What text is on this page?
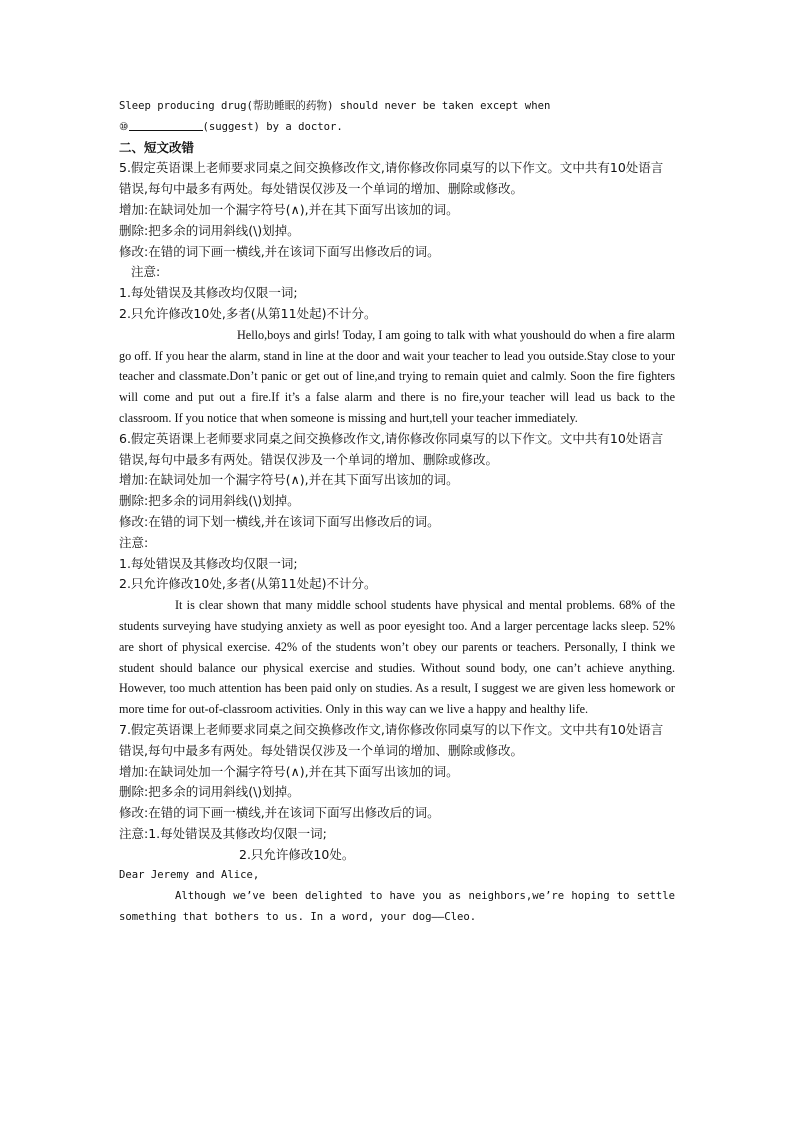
Sleep producing drug(帮助睡眠的药物) should never be taken except when
⑩	(suggest) by a doctor.
二、短文改错
5.假定英语课上老师要求同桌之间交换修改作文,请你修改你同桌写的以下作文。文中共有10处语言错误,每句中最多有两处。每处错误仅涉及一个单词的增加、删除或修改。
增加:在缺词处加一个漏字符号(∧),并在其下面写出该加的词。
删除:把多余的词用斜线(\)划掉。
修改:在错的词下画一横线,并在该词下面写出修改后的词。
注意:
1.每处错误及其修改均仅限一词;
2.只允许修改10处,多者(从第11处起)不计分。
Hello,boys and girls! Today, I am going to talk with what youshould do when a fire alarm go off. If you hear the alarm, stand in line at the door and wait your teacher to lead you outside.Stay close to your teacher and classmate.Don’t panic or get out of line,and trying to remain quiet and calmly. Soon the fire fighters will come and put out a fire.If it’s a false alarm and there is no fire,your teacher will lead us back to the classroom. If you notice that when someone is missing and hurt,tell your teacher immediately.
6.假定英语课上老师要求同桌之间交换修改作文,请你修改你同桌写的以下作文。文中共有10处语言错误,每句中最多有两处。错误仅涉及一个单词的增加、删除或修改。
增加:在缺词处加一个漏字符号(∧),并在其下面写出该加的词。
删除:把多余的词用斜线(\)划掉。
修改:在错的词下划一横线,并在该词下面写出修改后的词。
注意:
1.每处错误及其修改均仅限一词;
2.只允许修改10处,多者(从第11处起)不计分。
It is clear shown that many middle school students have physical and mental problems. 68% of the students surveying have studying anxiety as well as poor eyesight too. And a larger percentage lacks sleep. 52% are short of physical exercise. 42% of the students won’t obey our parents or teachers. Personally, I think we student should balance our physical exercise and studies. Without sound body, one can’t achieve anything. However, too much attention has been paid only on studies. As a result, I suggest we are given less homework or more time for out-of-classroom activities. Only in this way can we live a happy and healthy life.
7.假定英语课上老师要求同桌之间交换修改作文,请你修改你同桌写的以下作文。文中共有10处语言错误,每句中最多有两处。每处错误仅涉及一个单词的增加、删除或修改。
增加:在缺词处加一个漏字符号(∧),并在其下面写出该加的词。
删除:把多余的词用斜线(\)划掉。
修改:在错的词下画一横线,并在该词下面写出修改后的词。
注意:1.每处错误及其修改均仅限一词;
2.只允许修改10处。
Dear Jeremy and Alice,
Although we’ve been delighted to have you as neighbors,we’re hoping to settle something that bothers to us. In a word, your dog——Cleo.
